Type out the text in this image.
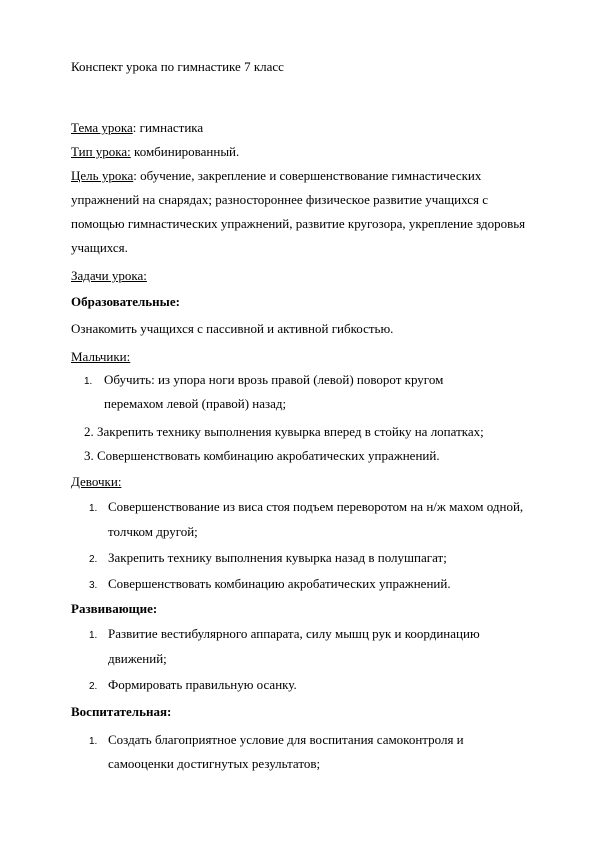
Конспект урока по гимнастике 7 класс
Тема урока: гимнастика
Тип урока: комбинированный.
Цель урока: обучение, закрепление и совершенствование гимнастических
упражнений на снарядах; разностороннее физическое развитие учащихся с
помощью гимнастических упражнений, развитие кругозора, укрепление здоровья
учащихся.
Задачи урока:
Образовательные:
Ознакомить учащихся с пассивной и активной гибкостью.
Мальчики:
1. Обучить: из упора ноги врозь правой (левой) поворот кругом
перемахом левой (правой) назад;
2. Закрепить технику выполнения кувырка вперед в стойку на лопатках;
3. Совершенствовать комбинацию акробатических упражнений.
Девочки:
1. Совершенствование из виса стоя подъем переворотом на н/ж махом одной,
толчком другой;
2. Закрепить технику выполнения кувырка назад в полушпагат;
3. Совершенствовать комбинацию акробатических упражнений.
Развивающие:
1. Развитие вестибулярного аппарата, силу мышц рук и координацию
движений;
2. Формировать правильную осанку.
Воспитательная:
1. Создать благоприятное условие для воспитания самоконтроля и
самооценки достигнутых результатов;
